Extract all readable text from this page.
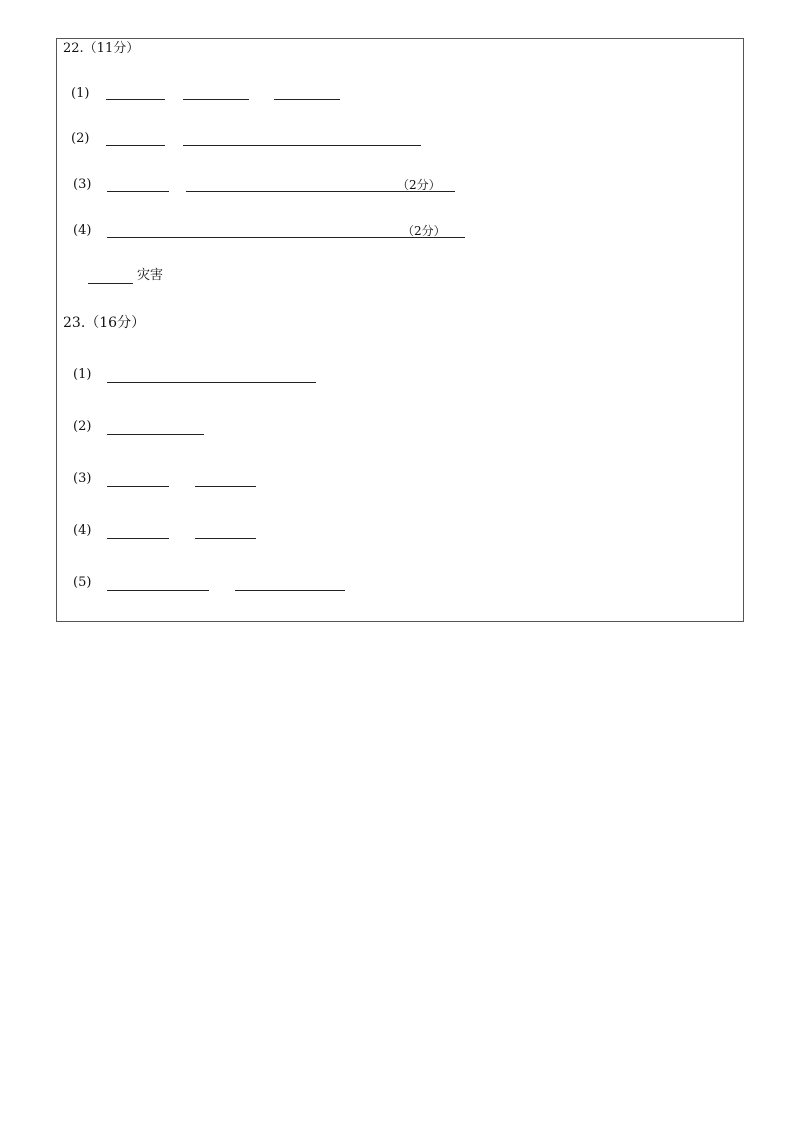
22.（11分）
(1)
(2)
(3)	（2分）
(4)	（2分）
灾害
23.（16分）
(1)
(2)
(3)
(4)
(5)
